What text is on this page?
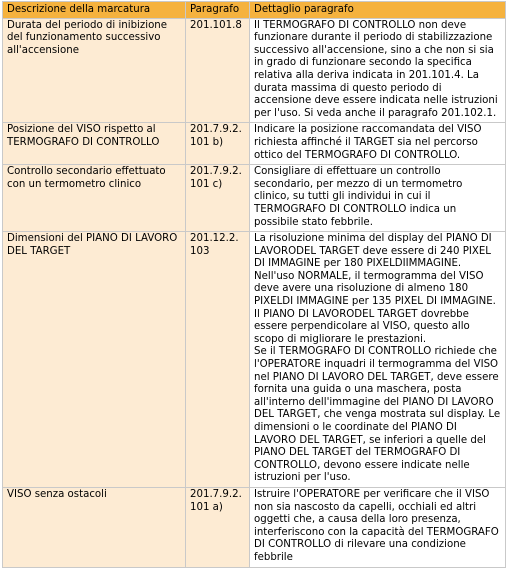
Descrizione della marcatura	Paragrafo	Dettaglio paragrafo
Durata del periodo di inibizione del funzionamento successivo all'accensione	201.101.8	Il TERMOGRAFO DI CONTROLLO non deve funzionare durante il periodo di stabilizzazione successivo all'accensione, sino a che non si sia in grado di funzionare secondo la specifica relativa alla deriva indicata in 201.101.4. La durata massima di questo periodo di accensione deve essere indicata nelle istruzioni per l'uso. Si veda anche il paragrafo 201.102.1.

Posizione del VISO rispetto al TERMOGRAFO DI CONTROLLO	201.7.9.2.101 b)	Indicare la posizione raccomandata del VISO richiesta affinché il TARGET sia nel percorso ottico del TERMOGRAFO DI CONTROLLO.

Controllo secondario effettuato con un termometro clinico	201.7.9.2.101 c)	Consigliare di effettuare un controllo secondario, per mezzo di un termometro clinico, su tutti gli individui in cui il TERMOGRAFO DI CONTROLLO indica un possibile stato febbrile.

Dimensioni del PIANO DI LAVORO DEL TARGET	201.12.2.103	La risoluzione minima del display del PIANO DI LAVORODEL TARGET deve essere di 240 PIXEL DI IMMAGINE per 180 PIXELDIIMMAGINE. Nell'uso NORMALE, il termogramma del VISO deve avere una risoluzione di almeno 180 PIXELDI IMMAGINE per 135 PIXEL DI IMMAGINE. Il PIANO DI LAVORODEL TARGET dovrebbe essere perpendicolare al VISO, questo allo scopo di migliorare le prestazioni.
Se il TERMOGRAFO DI CONTROLLO richiede che l'OPERATORE inquadri il termogramma del VISO nel PIANO DI LAVORO DEL TARGET, deve essere fornita una guida o una maschera, posta all'interno dell'immagine del PIANO DI LAVORO DEL TARGET, che venga mostrata sul display. Le dimensioni o le coordinate del PIANO DI LAVORO DEL TARGET, se inferiori a quelle del PIANO DEL TARGET del TERMOGRAFO DI CONTROLLO, devono essere indicate nelle istruzioni per l'uso.

VISO senza ostacoli	201.7.9.2.101 a)	Istruire l'OPERATORE per verificare che il VISO non sia nascosto da capelli, occhiali ed altri oggetti che, a causa della loro presenza, interferiscono con la capacità del TERMOGRAFO DI CONTROLLO di rilevare una condizione febbrile
